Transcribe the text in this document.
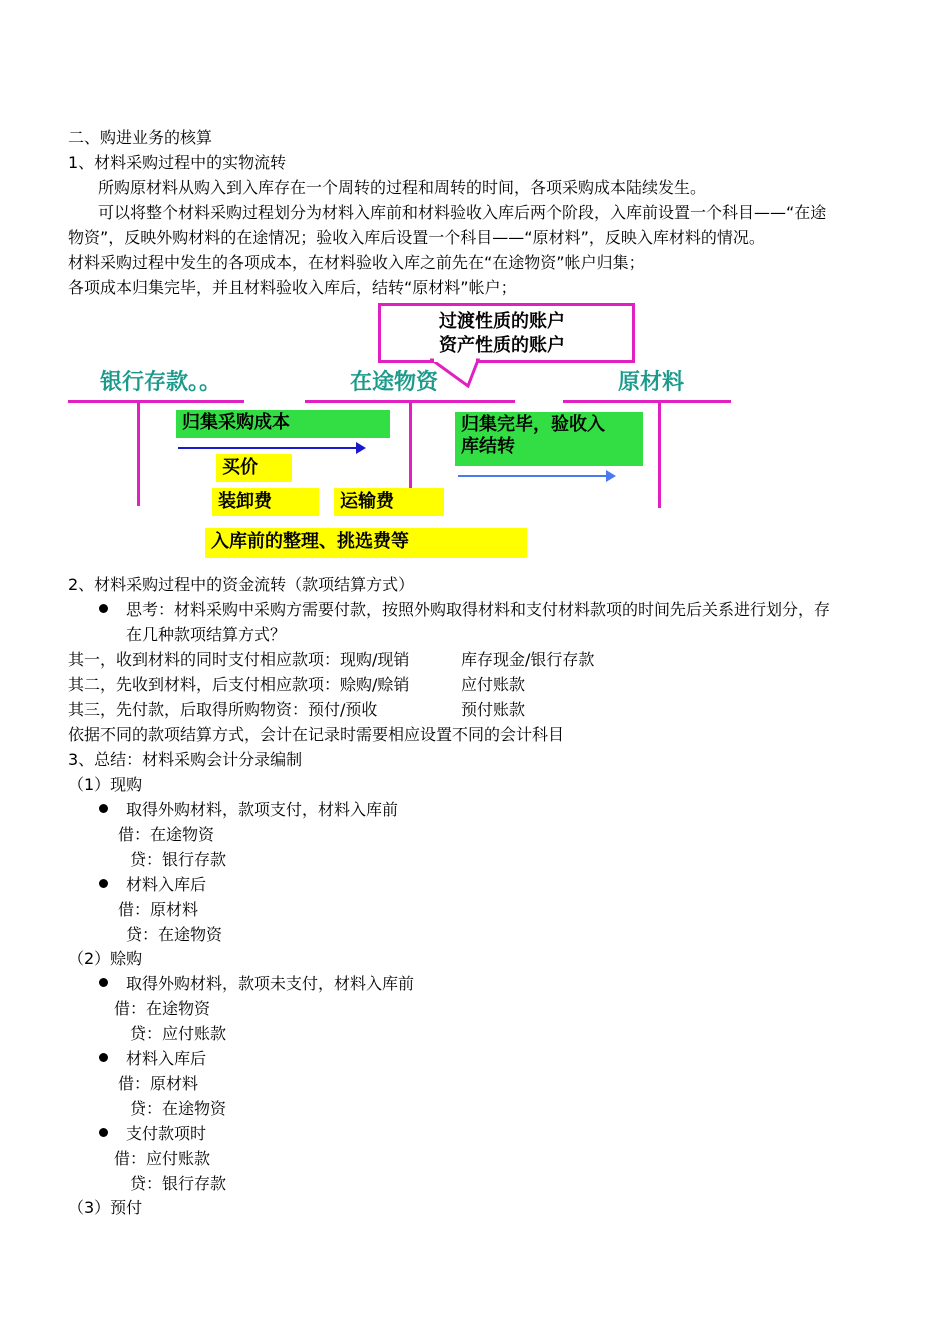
二、购进业务的核算
1、材料采购过程中的实物流转
所购原材料从购入到入库存在一个周转的过程和周转的时间，各项采购成本陆续发生。
可以将整个材料采购过程划分为材料入库前和材料验收入库后两个阶段，入库前设置一个科目——“在途
物资”，反映外购材料的在途情况；验收入库后设置一个科目——“原材料”，反映入库材料的情况。
材料采购过程中发生的各项成本，在材料验收入库之前先在“在途物资”帐户归集；
各项成本归集完毕，并且材料验收入库后，结转“原材料”帐户；
过渡性质的账户
资产性质的账户
银行存款。。	在途物资	原材料
归集采购成本
买价
装卸费	运输费
入库前的整理、挑选费等
归集完毕，验收入
库结转
2、材料采购过程中的资金流转（款项结算方式）
思考：材料采购中采购方需要付款，按照外购取得材料和支付材料款项的时间先后关系进行划分，存
在几种款项结算方式？
其一，收到材料的同时支付相应款项：现购/现销	库存现金/银行存款
其二，先收到材料，后支付相应款项：赊购/赊销	应付账款
其三，先付款，后取得所购物资：预付/预收	预付账款
依据不同的款项结算方式，会计在记录时需要相应设置不同的会计科目
3、总结：材料采购会计分录编制
（1）现购
取得外购材料，款项支付，材料入库前
借：在途物资
贷：银行存款
材料入库后
借：原材料
贷：在途物资
（2）赊购
取得外购材料，款项未支付，材料入库前
借：在途物资
贷：应付账款
材料入库后
借：原材料
贷：在途物资
支付款项时
借：应付账款
贷：银行存款
（3）预付
